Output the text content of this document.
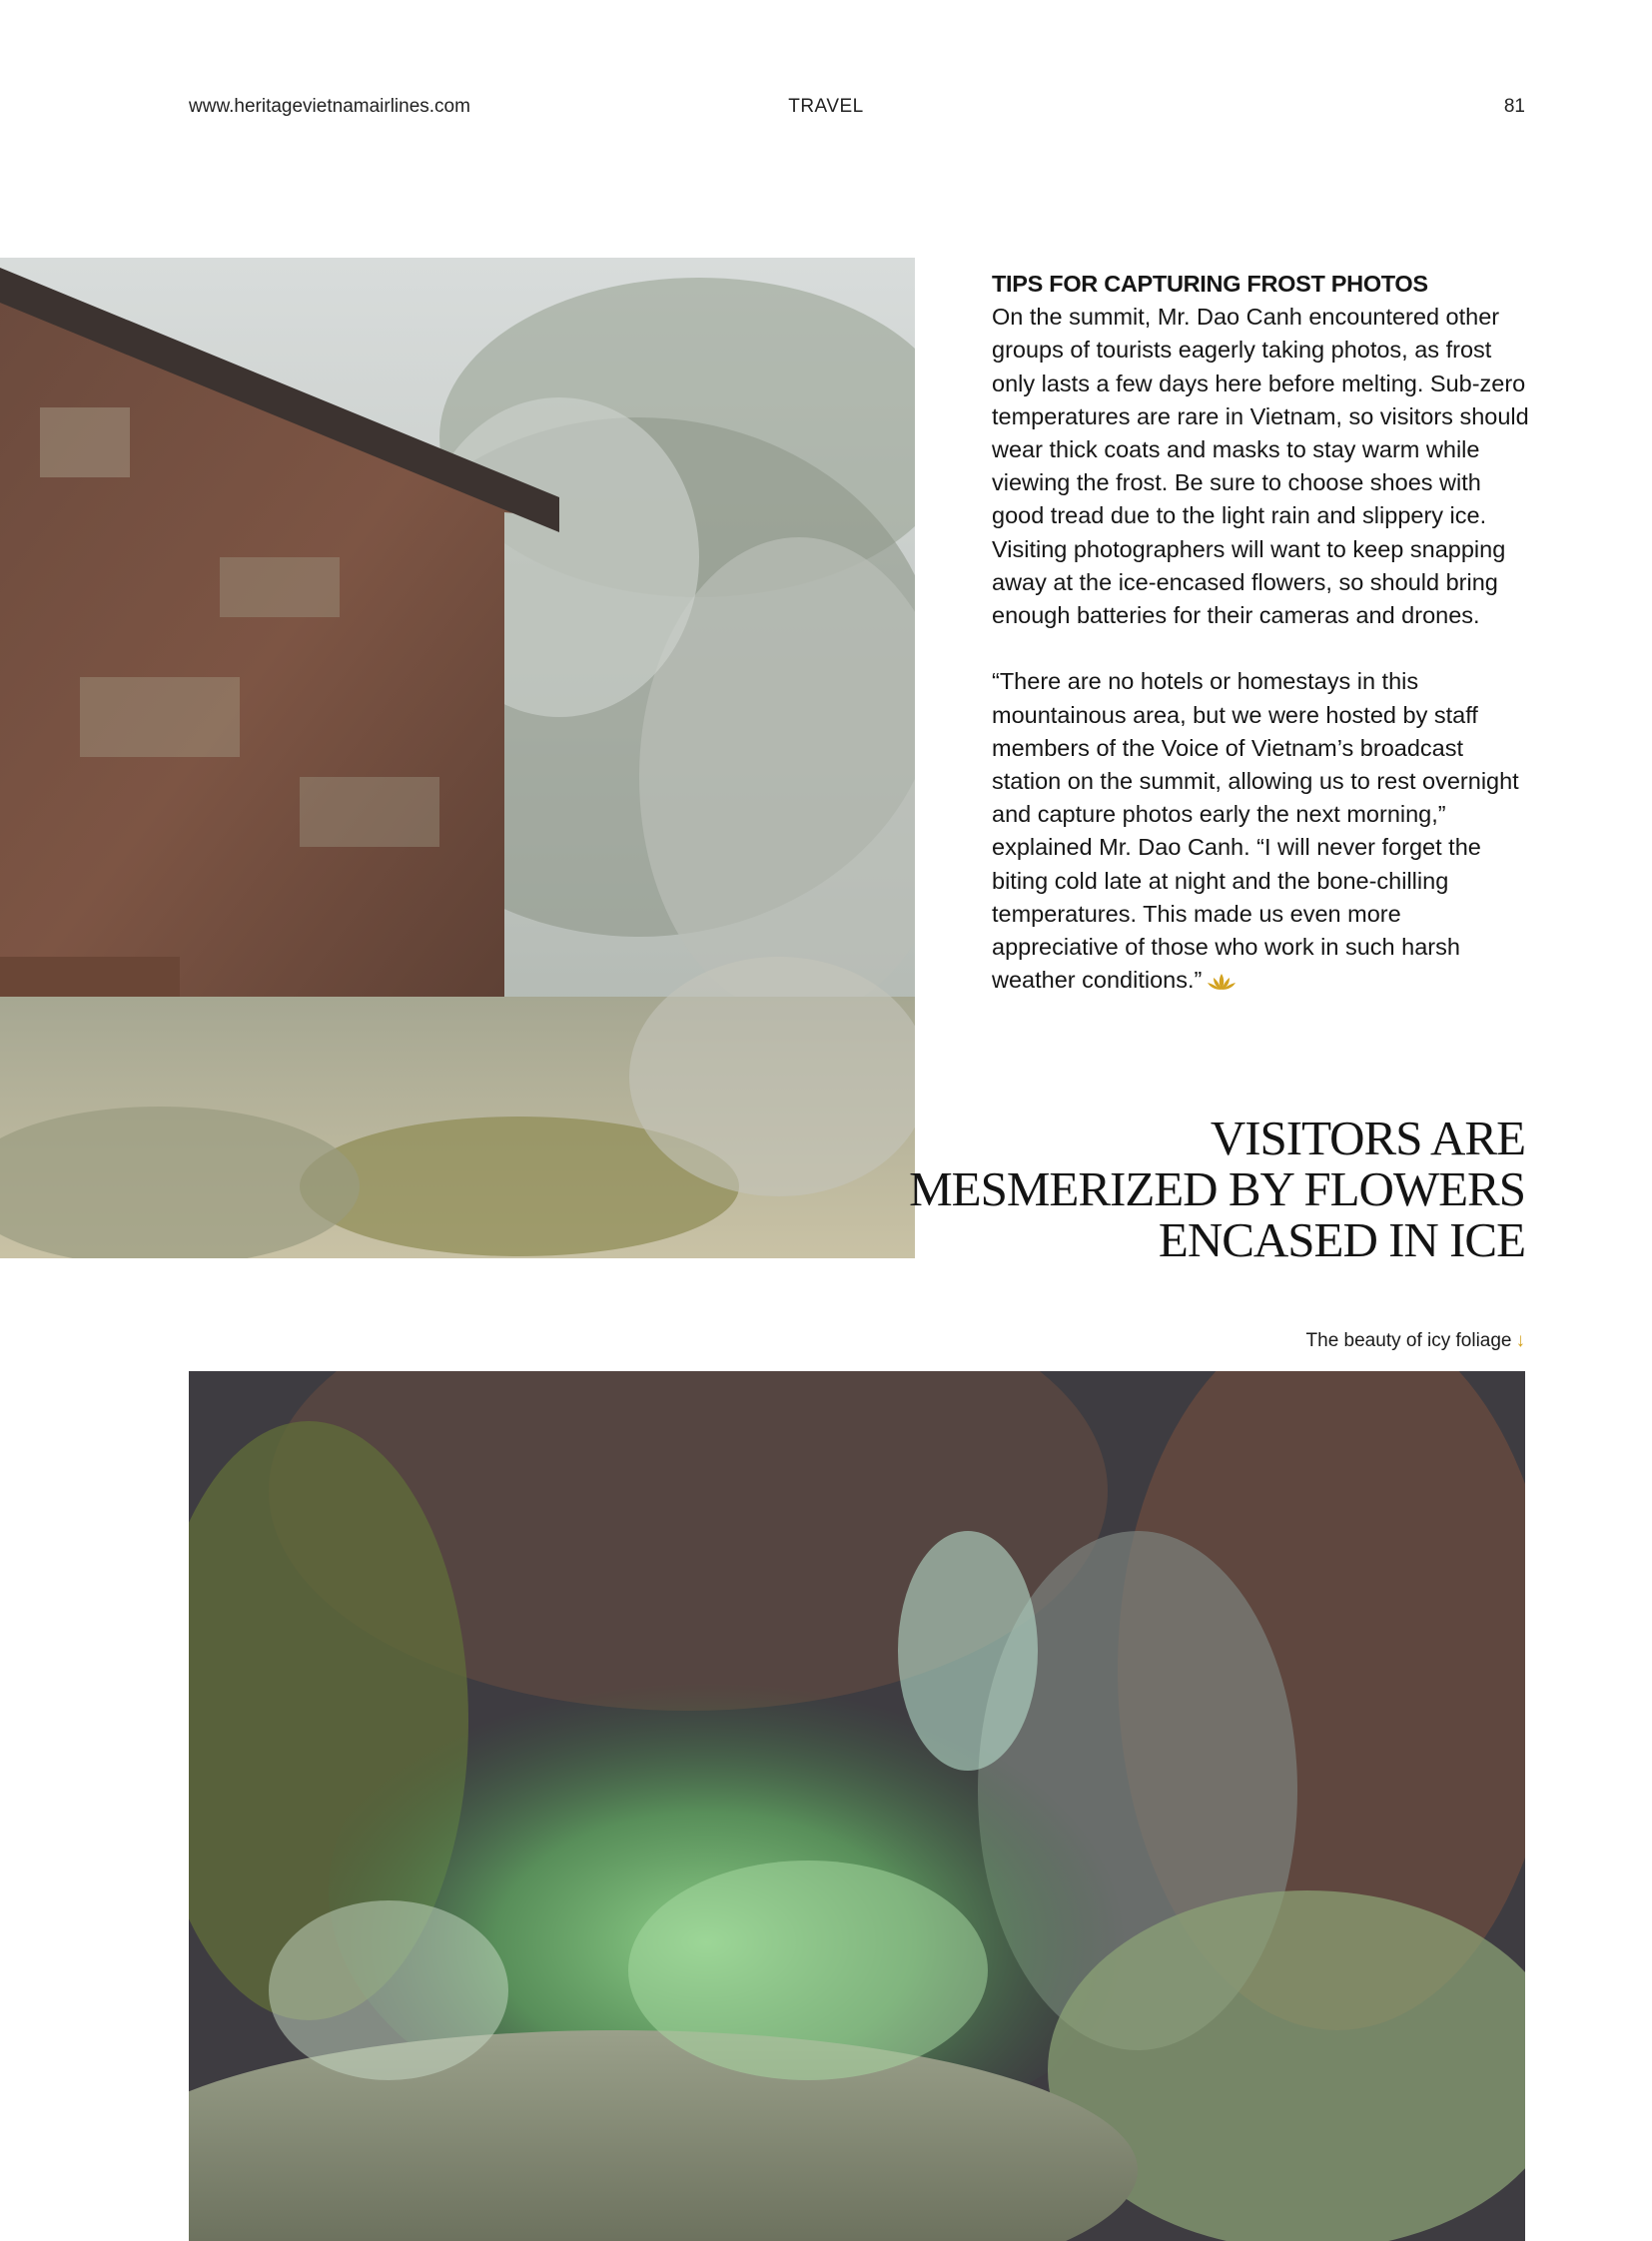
www.heritagevietnamairlines.com	TRAVEL	81
TIPS FOR CAPTURING FROST PHOTOS

On the summit, Mr. Dao Canh encountered other groups of tourists eagerly taking photos, as frost only lasts a few days here before melting. Sub-zero temperatures are rare in Vietnam, so visitors should wear thick coats and masks to stay warm while viewing the frost. Be sure to choose shoes with good tread due to the light rain and slippery ice. Visiting photographers will want to keep snapping away at the ice-encased flowers, so should bring enough batteries for their cameras and drones.

“There are no hotels or homestays in this mountainous area, but we were hosted by staff members of the Voice of Vietnam’s broadcast station on the summit, allowing us to rest overnight and capture photos early the next morning,” explained Mr. Dao Canh. “I will never forget the biting cold late at night and the bone-chilling temperatures. This made us even more appreciative of those who work in such harsh weather conditions.”

VISITORS ARE
MESMERIZED BY FLOWERS
ENCASED IN ICE
The beauty of icy foliage ↓
